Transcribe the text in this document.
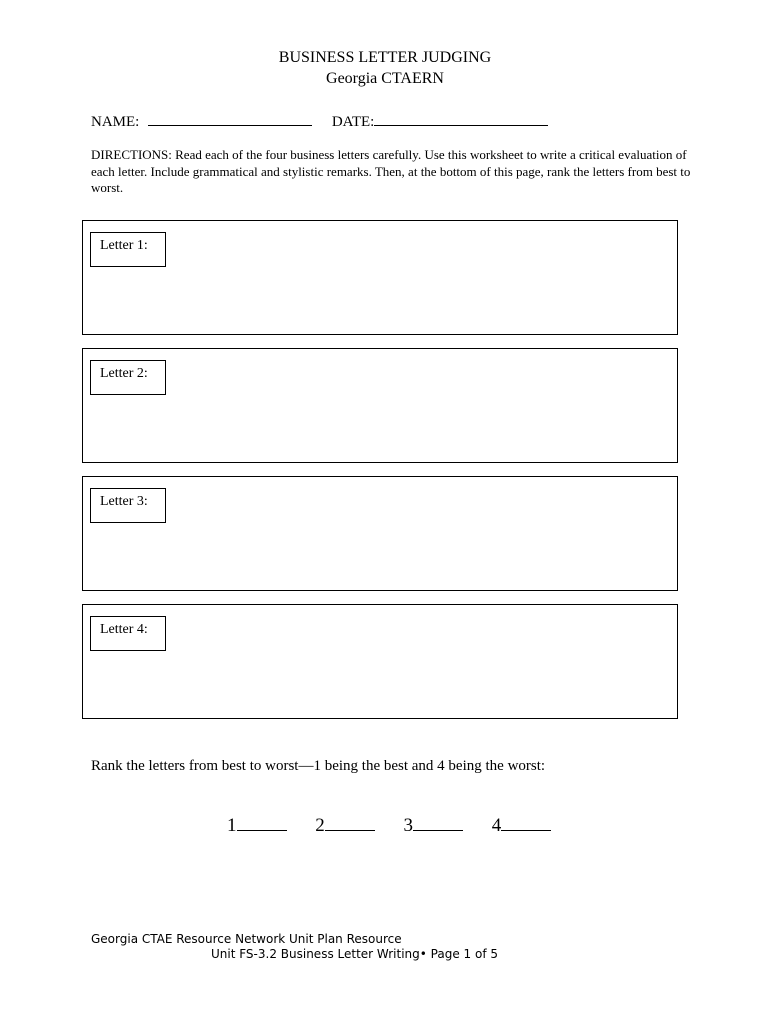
BUSINESS LETTER JUDGING
Georgia CTAERN
NAME:	DATE:
DIRECTIONS: Read each of the four business letters carefully. Use this worksheet to write a critical evaluation of each letter. Include grammatical and stylistic remarks. Then, at the bottom of this page, rank the letters from best to worst.
Letter 1:
Letter 2:
Letter 3:
Letter 4:
Rank the letters from best to worst—1 being the best and 4 being the worst:
1	2	3	4
Georgia CTAE Resource Network Unit Plan Resource
Unit FS-3.2 Business Letter Writing• Page 1 of 5
